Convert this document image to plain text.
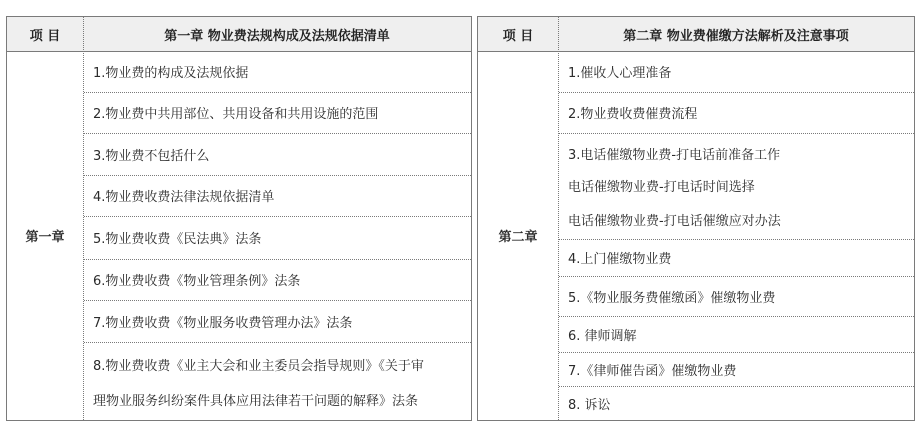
项 目	第一章 物业费法规构成及法规依据清单
第一章
1.物业费的构成及法规依据
2.物业费中共用部位、共用设备和共用设施的范围
3.物业费不包括什么
4.物业费收费法律法规依据清单
5.物业费收费《民法典》法条
6.物业费收费《物业管理条例》法条
7.物业费收费《物业服务收费管理办法》法条
8.物业费收费《业主大会和业主委员会指导规则》《关于审
理物业服务纠纷案件具体应用法律若干问题的解释》法条
项 目	第二章 物业费催缴方法解析及注意事项
第二章
1.催收人心理准备
2.物业费收费催费流程
3.电话催缴物业费-打电话前准备工作
电话催缴物业费-打电话时间选择
电话催缴物业费-打电话催缴应对办法
4.上门催缴物业费
5.《物业服务费催缴函》催缴物业费
6. 律师调解
7.《律师催告函》催缴物业费
8. 诉讼
